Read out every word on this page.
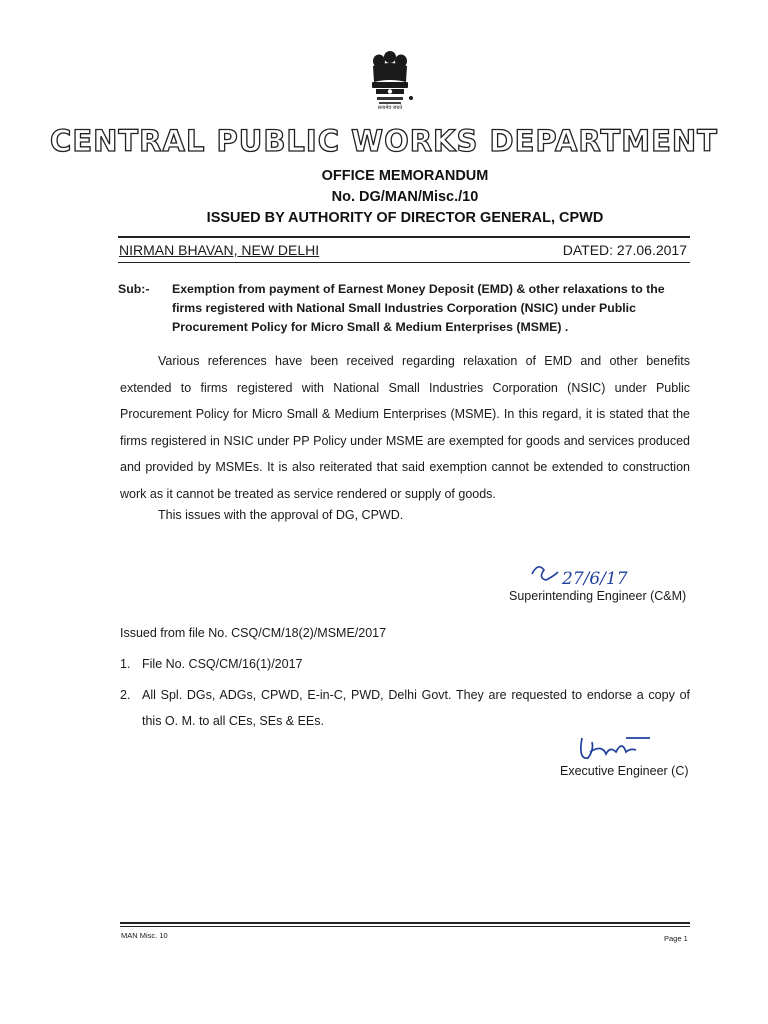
सत्यमेव जयते
CENTRAL PUBLIC WORKS DEPARTMENT
OFFICE MEMORANDUM
No. DG/MAN/Misc./10
ISSUED BY AUTHORITY OF DIRECTOR GENERAL, CPWD
NIRMAN BHAVAN, NEW DELHI	DATED: 27.06.2017
Sub:- Exemption from payment of Earnest Money Deposit (EMD) & other relaxations to the firms registered with National Small Industries Corporation (NSIC) under Public Procurement Policy for Micro Small & Medium Enterprises (MSME) .
Various references have been received regarding relaxation of EMD and other benefits extended to firms registered with National Small Industries Corporation (NSIC) under Public Procurement Policy for Micro Small & Medium Enterprises (MSME). In this regard, it is stated that the firms registered in NSIC under PP Policy under MSME are exempted for goods and services produced and provided by MSMEs. It is also reiterated that said exemption cannot be extended to construction work as it cannot be treated as service rendered or supply of goods.
This issues with the approval of DG, CPWD.
27/6/17
Superintending Engineer (C&M)
Issued from file No. CSQ/CM/18(2)/MSME/2017
1. File No. CSQ/CM/16(1)/2017
2. All Spl. DGs, ADGs, CPWD, E-in-C, PWD, Delhi Govt. They are requested to endorse a copy of this O. M. to all CEs, SEs & EEs.
Executive Engineer (C)
MAN Misc. 10	Page 1
